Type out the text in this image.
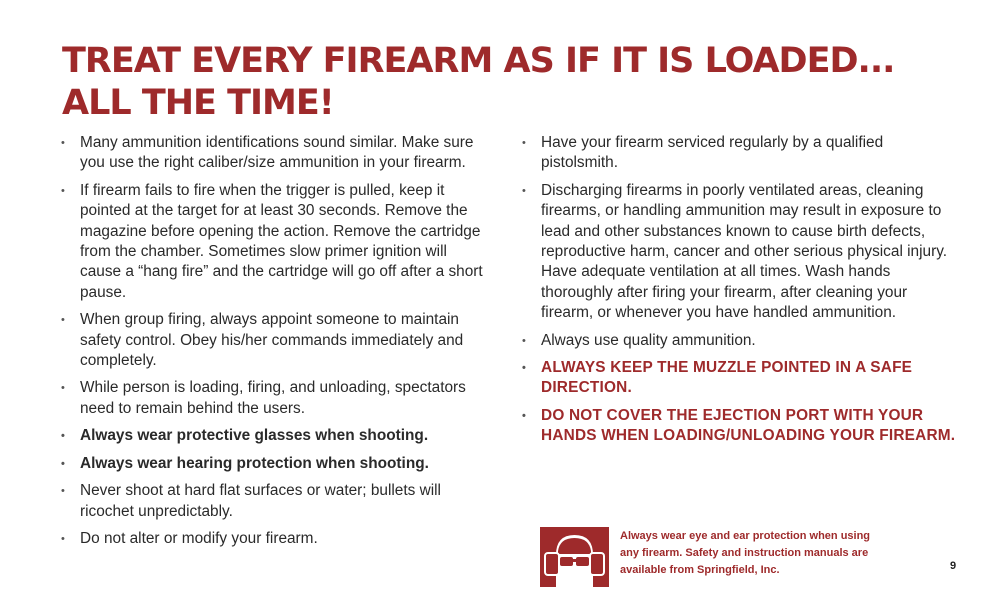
TREAT EVERY FIREARM AS IF IT IS LOADED...
ALL THE TIME!
• Many ammunition identifications sound similar. Make sure you use the right caliber/size ammunition in your firearm.
• If firearm fails to fire when the trigger is pulled, keep it pointed at the target for at least 30 seconds. Remove the magazine before opening the action. Remove the cartridge from the chamber. Sometimes slow primer ignition will cause a “hang fire” and the cartridge will go off after a short pause.
• When group firing, always appoint someone to maintain safety control. Obey his/her commands immediately and completely.
• While person is loading, firing, and unloading, spectators need to remain behind the users.
• Always wear protective glasses when shooting.
• Always wear hearing protection when shooting.
• Never shoot at hard flat surfaces or water; bullets will ricochet unpredictably.
• Do not alter or modify your firearm.
• Have your firearm serviced regularly by a qualified pistolsmith.
• Discharging firearms in poorly ventilated areas, cleaning firearms, or handling ammunition may result in exposure to lead and other substances known to cause birth defects, reproductive harm, cancer and other serious physical injury. Have adequate ventilation at all times. Wash hands thoroughly after firing your firearm, after cleaning your firearm, or whenever you have handled ammunition.
• Always use quality ammunition.
• ALWAYS KEEP THE MUZZLE POINTED IN A SAFE DIRECTION.
• DO NOT COVER THE EJECTION PORT WITH YOUR HANDS WHEN LOADING/UNLOADING YOUR FIREARM.
Always wear eye and ear protection when using any firearm. Safety and instruction manuals are available from Springfield, Inc.	9
